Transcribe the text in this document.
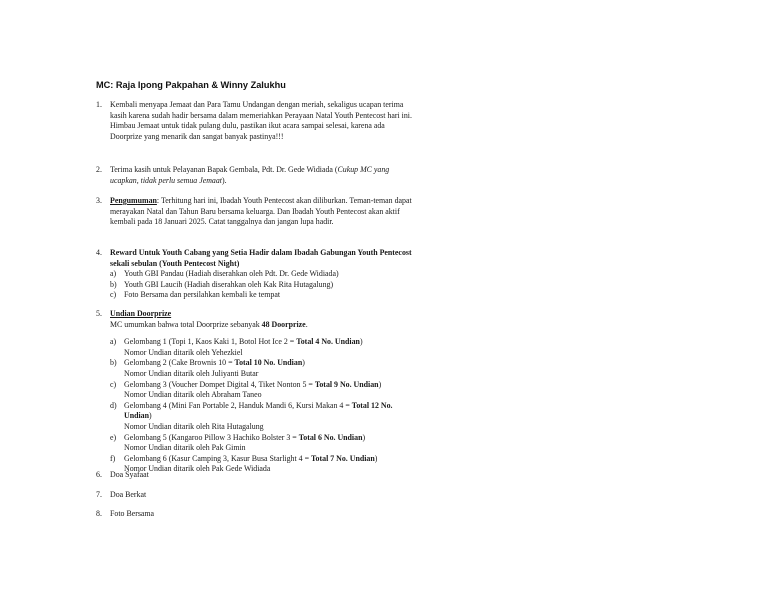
MC: Raja Ipong Pakpahan & Winny Zalukhu
1.	Kembali menyapa Jemaat dan Para Tamu Undangan dengan meriah, sekaligus ucapan terima kasih karena sudah hadir bersama dalam memeriahkan Perayaan Natal Youth Pentecost hari ini. Himbau Jemaat untuk tidak pulang dulu, pastikan ikut acara sampai selesai, karena ada Doorprize yang menarik dan sangat banyak pastinya!!!
2.	Terima kasih untuk Pelayanan Bapak Gembala, Pdt. Dr. Gede Widiada (Cukup MC yang ucapkan, tidak perlu semua Jemaat).
3.	Pengumuman: Terhitung hari ini, Ibadah Youth Pentecost akan diliburkan. Teman-teman dapat merayakan Natal dan Tahun Baru bersama keluarga. Dan Ibadah Youth Pentecost akan aktif kembali pada 18 Januari 2025. Catat tanggalnya dan jangan lupa hadir.
4.	Reward Untuk Youth Cabang yang Setia Hadir dalam Ibadah Gabungan Youth Pentecost sekali sebulan (Youth Pentecost Night)
a) Youth GBI Pandau (Hadiah diserahkan oleh Pdt. Dr. Gede Widiada)
b) Youth GBI Laucih (Hadiah diserahkan oleh Kak Rita Hutagalung)
c) Foto Bersama dan persilahkan kembali ke tempat
5.	Undian Doorprize
MC umumkan bahwa total Doorprize sebanyak 48 Doorprize.
a) Gelombang 1 (Topi 1, Kaos Kaki 1, Botol Hot Ice 2 = Total 4 No. Undian)
Nomor Undian ditarik oleh Yehezkiel
b) Gelombang 2 (Cake Brownis 10 = Total 10 No. Undian)
Nomor Undian ditarik oleh Juliyanti Butar
c) Gelombang 3 (Voucher Dompet Digital 4, Tiket Nonton 5 = Total 9 No. Undian)
Nomor Undian ditarik oleh Abraham Taneo
d) Gelombang 4 (Mini Fan Portable 2, Handuk Mandi 6, Kursi Makan 4 = Total 12 No. Undian)
Nomor Undian ditarik oleh Rita Hutagalung
e) Gelombang 5 (Kangaroo Pillow 3 Hachiko Bolster 3 = Total 6 No. Undian)
Nomor Undian ditarik oleh Pak Gimin
f) Gelombang 6 (Kasur Camping 3, Kasur Busa Starlight 4 = Total 7 No. Undian)
Nomor Undian ditarik oleh Pak Gede Widiada
6.	Doa Syafaat
7.	Doa Berkat
8.	Foto Bersama
